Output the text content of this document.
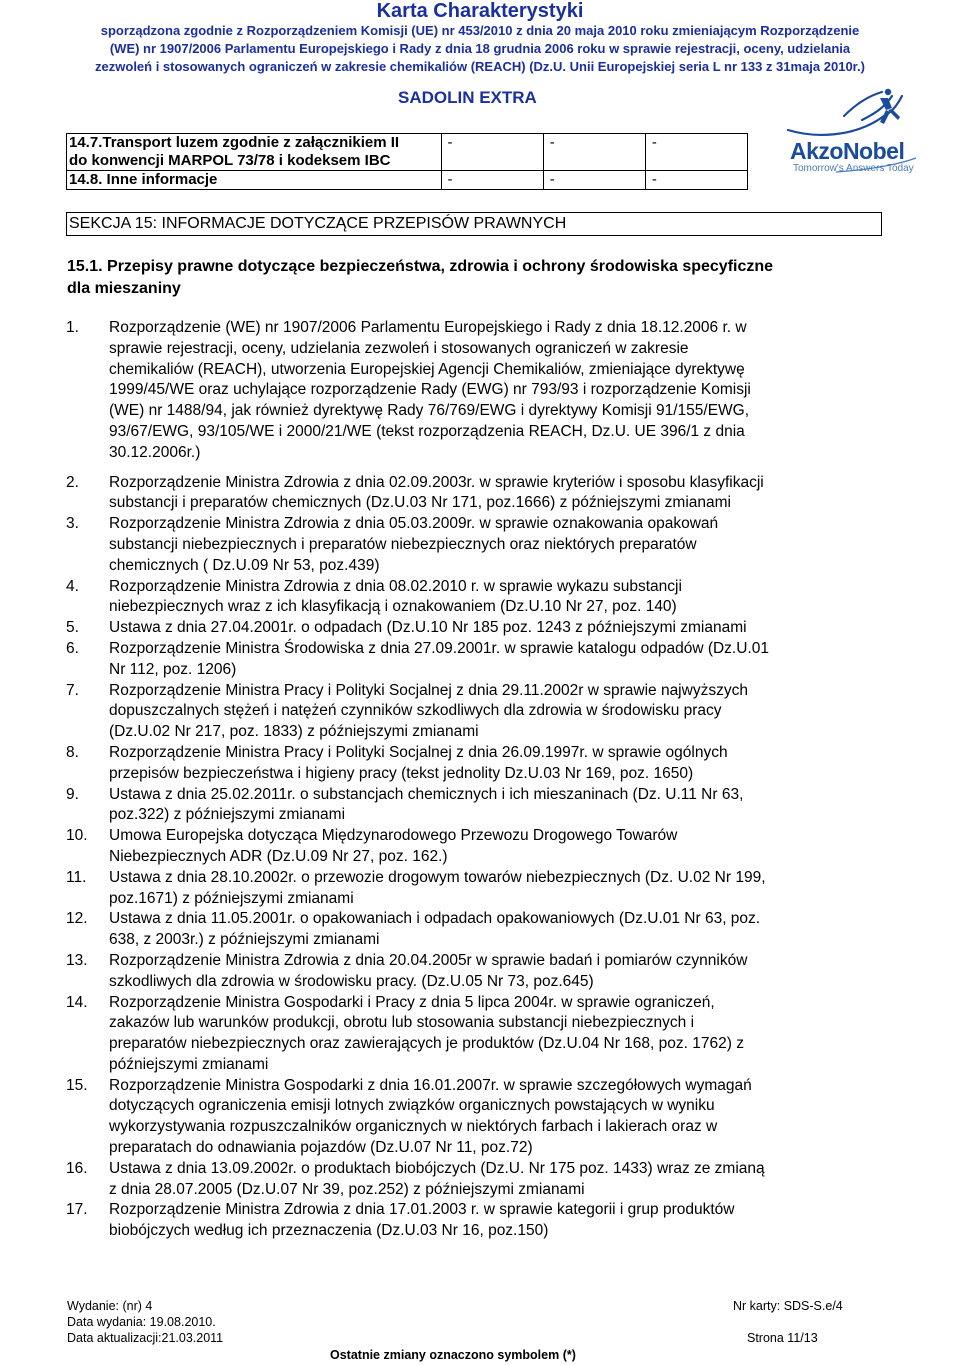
Karta Charakterystyki
sporządzona zgodnie z Rozporządzeniem Komisji (UE) nr 453/2010 z dnia 20 maja 2010 roku zmieniającym Rozporządzenie
(WE) nr 1907/2006 Parlamentu Europejskiego i Rady z dnia 18 grudnia 2006 roku w sprawie rejestracji, oceny, udzielania
zezwoleń i stosowanych ograniczeń w zakresie chemikaliów (REACH) (Dz.U. Unii Europejskiej seria L nr 133 z 31maja 2010r.)
SADOLIN EXTRA
AkzoNobel
Tomorrow's Answers Today
14.7.Transport luzem zgodnie z załącznikiem II
do konwencji MARPOL 73/78 i kodeksem IBC	-	-	-
14.8. Inne informacje	-	-	-
SEKCJA 15: INFORMACJE DOTYCZĄCE PRZEPISÓW PRAWNYCH
15.1. Przepisy prawne dotyczące bezpieczeństwa, zdrowia i ochrony środowiska specyficzne
dla mieszaniny
1. Rozporządzenie (WE) nr 1907/2006 Parlamentu Europejskiego i Rady z dnia 18.12.2006 r. w
sprawie rejestracji, oceny, udzielania zezwoleń i stosowanych ograniczeń w zakresie
chemikaliów (REACH), utworzenia Europejskiej Agencji Chemikaliów, zmieniające dyrektywę
1999/45/WE oraz uchylające rozporządzenie Rady (EWG) nr 793/93 i rozporządzenie Komisji
(WE) nr 1488/94, jak również dyrektywę Rady 76/769/EWG i dyrektywy Komisji 91/155/EWG,
93/67/EWG, 93/105/WE i 2000/21/WE (tekst rozporządzenia REACH, Dz.U. UE 396/1 z dnia
30.12.2006r.)
2. Rozporządzenie Ministra Zdrowia z dnia 02.09.2003r. w sprawie kryteriów i sposobu klasyfikacji
substancji i preparatów chemicznych (Dz.U.03 Nr 171, poz.1666) z późniejszymi zmianami
3. Rozporządzenie Ministra Zdrowia z dnia 05.03.2009r. w sprawie oznakowania opakowań
substancji niebezpiecznych i preparatów niebezpiecznych oraz niektórych preparatów
chemicznych ( Dz.U.09 Nr 53, poz.439)
4. Rozporządzenie Ministra Zdrowia z dnia 08.02.2010 r. w sprawie wykazu substancji
niebezpiecznych wraz z ich klasyfikacją i oznakowaniem (Dz.U.10 Nr 27, poz. 140)
5. Ustawa z dnia 27.04.2001r. o odpadach (Dz.U.10 Nr 185 poz. 1243 z późniejszymi zmianami
6. Rozporządzenie Ministra Środowiska z dnia 27.09.2001r. w sprawie katalogu odpadów (Dz.U.01
Nr 112, poz. 1206)
7. Rozporządzenie Ministra Pracy i Polityki Socjalnej z dnia 29.11.2002r w sprawie najwyższych
dopuszczalnych stężeń i natężeń czynników szkodliwych dla zdrowia w środowisku pracy
(Dz.U.02 Nr 217, poz. 1833) z późniejszymi zmianami
8. Rozporządzenie Ministra Pracy i Polityki Socjalnej z dnia 26.09.1997r. w sprawie ogólnych
przepisów bezpieczeństwa i higieny pracy (tekst jednolity Dz.U.03 Nr 169, poz. 1650)
9. Ustawa z dnia 25.02.2011r. o substancjach chemicznych i ich mieszaninach (Dz. U.11 Nr 63,
poz.322) z późniejszymi zmianami
10. Umowa Europejska dotycząca Międzynarodowego Przewozu Drogowego Towarów
Niebezpiecznych ADR (Dz.U.09 Nr 27, poz. 162.)
11. Ustawa z dnia 28.10.2002r. o przewozie drogowym towarów niebezpiecznych (Dz. U.02 Nr 199,
poz.1671) z późniejszymi zmianami
12. Ustawa z dnia 11.05.2001r. o opakowaniach i odpadach opakowaniowych (Dz.U.01 Nr 63, poz.
638, z 2003r.) z późniejszymi zmianami
13. Rozporządzenie Ministra Zdrowia z dnia 20.04.2005r w sprawie badań i pomiarów czynników
szkodliwych dla zdrowia w środowisku pracy. (Dz.U.05 Nr 73, poz.645)
14. Rozporządzenie Ministra Gospodarki i Pracy z dnia 5 lipca 2004r. w sprawie ograniczeń,
zakazów lub warunków produkcji, obrotu lub stosowania substancji niebezpiecznych i
preparatów niebezpiecznych oraz zawierających je produktów (Dz.U.04 Nr 168, poz. 1762) z
późniejszymi zmianami
15. Rozporządzenie Ministra Gospodarki z dnia 16.01.2007r. w sprawie szczegółowych wymagań
dotyczących ograniczenia emisji lotnych związków organicznych powstających w wyniku
wykorzystywania rozpuszczalników organicznych w niektórych farbach i lakierach oraz w
preparatach do odnawiania pojazdów (Dz.U.07 Nr 11, poz.72)
16. Ustawa z dnia 13.09.2002r. o produktach biobójczych (Dz.U. Nr 175 poz. 1433) wraz ze zmianą
z dnia 28.07.2005 (Dz.U.07 Nr 39, poz.252) z późniejszymi zmianami
17. Rozporządzenie Ministra Zdrowia z dnia 17.01.2003 r. w sprawie kategorii i grup produktów
biobójczych według ich przeznaczenia (Dz.U.03 Nr 16, poz.150)
Wydanie: (nr) 4
Data wydania: 19.08.2010.
Data aktualizacji:21.03.2011
Nr karty: SDS-S.e/4
Strona 11/13
Ostatnie zmiany oznaczono symbolem (*)
